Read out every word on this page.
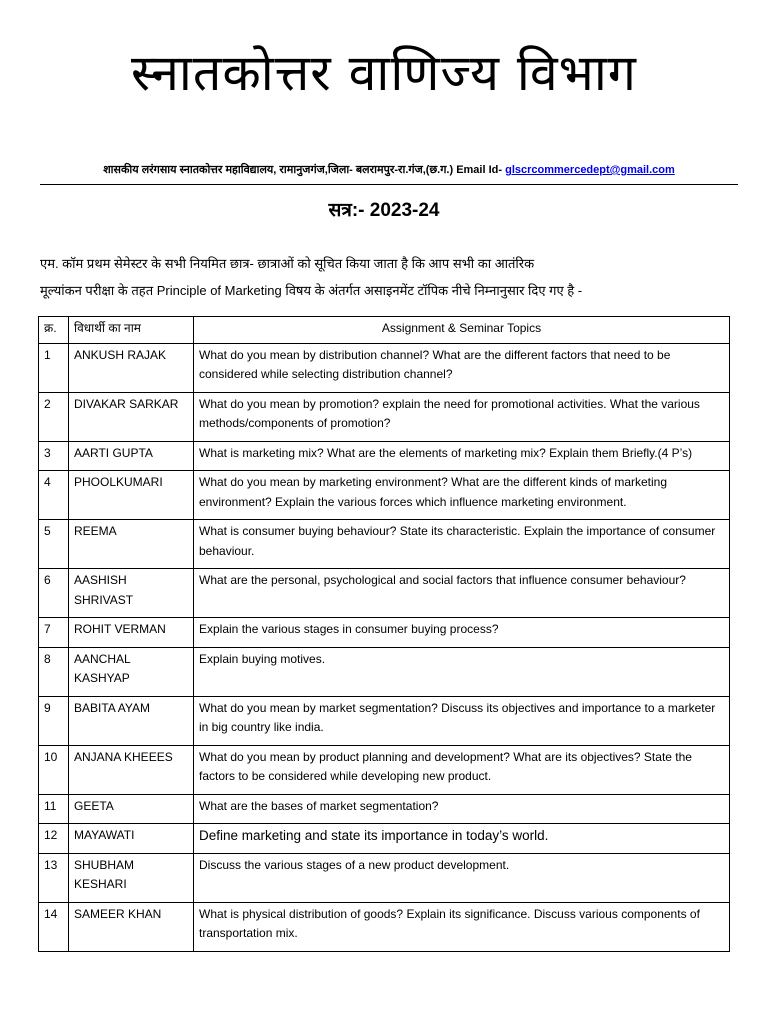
स्नातकोत्तर वाणिज्य विभाग
शासकीय लरंगसाय स्नातकोत्तर महाविद्यालय, रामानुजगंज,जिला- बलरामपुर-रा.गंज,(छ.ग.) Email Id- glscrcommercedept@gmail.com
सत्र:- 2023-24

एम. कॉम प्रथम सेमेस्टर के सभी नियमित छात्र- छात्राओं को सूचित किया जाता है कि आप सभी का आतंरिक

मूल्यांकन परीक्षा के तहत Principle of Marketing विषय के अंतर्गत असाइनमेंट टॉपिक नीचे निम्नानुसार दिए गए है -

क्र.	विधार्थी का नाम	Assignment & Seminar Topics
1	ANKUSH RAJAK	What do you mean by distribution channel? What are the different factors that need to be considered while selecting distribution channel?
2	DIVAKAR SARKAR	What do you mean by promotion? explain the need for promotional activities. What the various methods/components of promotion?
3	AARTI GUPTA	What is marketing mix? What are the elements of marketing mix? Explain them Briefly.(4 P’s)
4	PHOOLKUMARI	What do you mean by marketing environment? What are the different kinds of marketing environment? Explain the various forces which influence marketing environment.
5	REEMA	What is consumer buying behaviour? State its characteristic. Explain the importance of consumer behaviour.
6	AASHISH SHRIVAST	What are the personal, psychological and social factors that influence consumer behaviour?
7	ROHIT VERMAN	Explain the various stages in consumer buying process?
8	AANCHAL KASHYAP	Explain buying motives.
9	BABITA AYAM	What do you mean by market segmentation? Discuss its objectives and importance to a marketer in big country like india.
10	ANJANA KHEEES	What do you mean by product planning and development? What are its objectives? State the factors to be considered while developing new product.
11	GEETA	What are the bases of market segmentation?
12	MAYAWATI	Define marketing and state its importance in today’s world.
13	SHUBHAM KESHARI	Discuss the various stages of a new product development.
14	SAMEER KHAN	What is physical distribution of goods? Explain its significance. Discuss various components of transportation mix.
